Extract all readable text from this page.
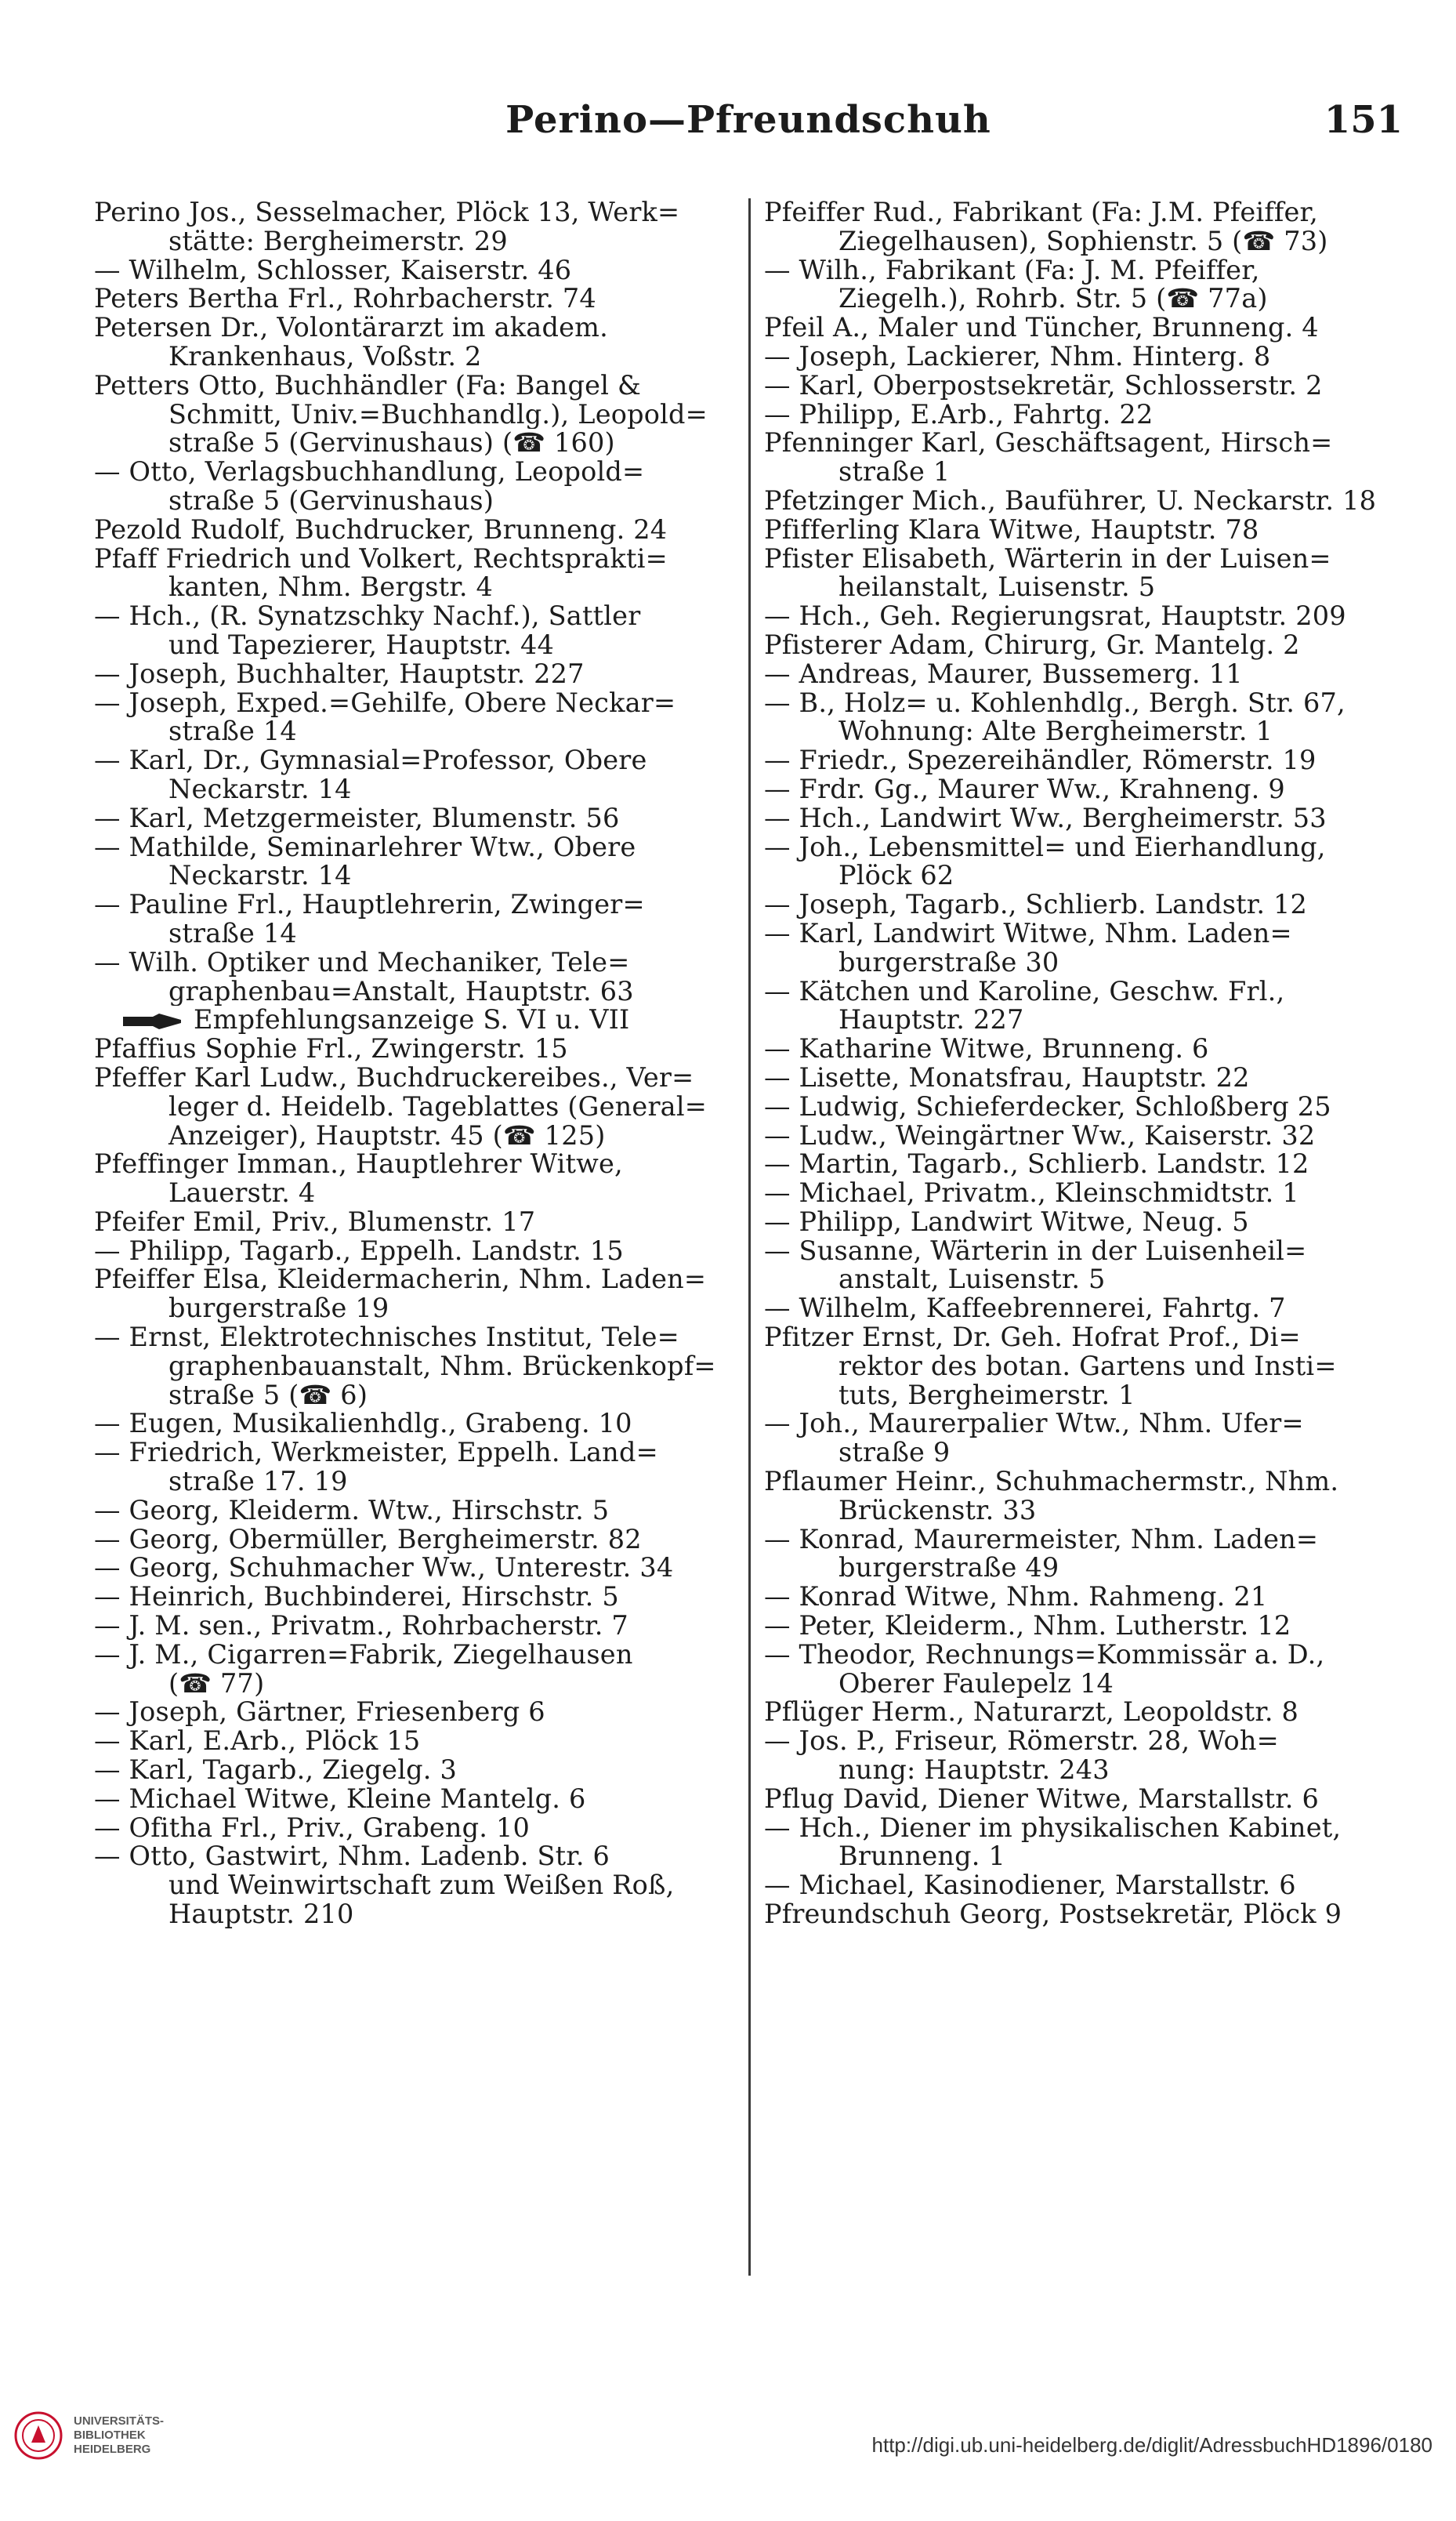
Perino—Pfreundschuh	151
Perino Jos., Sesselmacher, Plöck 13, Werk=
stätte: Bergheimerstr. 29
— Wilhelm, Schlosser, Kaiserstr. 46
Peters Bertha Frl., Rohrbacherstr. 74
Petersen Dr., Volontärarzt im akadem.
Krankenhaus, Voßstr. 2
Petters Otto, Buchhändler (Fa: Bangel &
Schmitt, Univ.=Buchhandlg.), Leopold=
straße 5 (Gervinushaus) (☎ 160)
— Otto, Verlagsbuchhandlung, Leopold=
straße 5 (Gervinushaus)
Pezold Rudolf, Buchdrucker, Brunneng. 24
Pfaff Friedrich und Volkert, Rechtsprakti=
kanten, Nhm. Bergstr. 4
— Hch., (R. Synatzschky Nachf.), Sattler
und Tapezierer, Hauptstr. 44
— Joseph, Buchhalter, Hauptstr. 227
— Joseph, Exped.=Gehilfe, Obere Neckar=
straße 14
— Karl, Dr., Gymnasial=Professor, Obere
Neckarstr. 14
— Karl, Metzgermeister, Blumenstr. 56
— Mathilde, Seminarlehrer Wtw., Obere
Neckarstr. 14
— Pauline Frl., Hauptlehrerin, Zwinger=
straße 14
— Wilh. Optiker und Mechaniker, Tele=
graphenbau=Anstalt, Hauptstr. 63
Empfehlungsanzeige S. VI u. VII
Pfaffius Sophie Frl., Zwingerstr. 15
Pfeffer Karl Ludw., Buchdruckereibes., Ver=
leger d. Heidelb. Tageblattes (General=
Anzeiger), Hauptstr. 45 (☎ 125)
Pfeffinger Imman., Hauptlehrer Witwe,
Lauerstr. 4
Pfeifer Emil, Priv., Blumenstr. 17
— Philipp, Tagarb., Eppelh. Landstr. 15
Pfeiffer Elsa, Kleidermacherin, Nhm. Laden=
burgerstraße 19
— Ernst, Elektrotechnisches Institut, Tele=
graphenbauanstalt, Nhm. Brückenkopf=
straße 5 (☎ 6)
— Eugen, Musikalienhdlg., Grabeng. 10
— Friedrich, Werkmeister, Eppelh. Land=
straße 17. 19
— Georg, Kleiderm. Wtw., Hirschstr. 5
— Georg, Obermüller, Bergheimerstr. 82
— Georg, Schuhmacher Ww., Unterestr. 34
— Heinrich, Buchbinderei, Hirschstr. 5
— J. M. sen., Privatm., Rohrbacherstr. 7
— J. M., Cigarren=Fabrik, Ziegelhausen
(☎ 77)
— Joseph, Gärtner, Friesenberg 6
— Karl, E.Arb., Plöck 15
— Karl, Tagarb., Ziegelg. 3
— Michael Witwe, Kleine Mantelg. 6
— Ofitha Frl., Priv., Grabeng. 10
— Otto, Gastwirt, Nhm. Ladenb. Str. 6
und Weinwirtschaft zum Weißen Roß,
Hauptstr. 210
Pfeiffer Rud., Fabrikant (Fa: J.M. Pfeiffer,
Ziegelhausen), Sophienstr. 5 (☎ 73)
— Wilh., Fabrikant (Fa: J. M. Pfeiffer,
Ziegelh.), Rohrb. Str. 5 (☎ 77a)
Pfeil A., Maler und Tüncher, Brunneng. 4
— Joseph, Lackierer, Nhm. Hinterg. 8
— Karl, Oberpostsekretär, Schlosserstr. 2
— Philipp, E.Arb., Fahrtg. 22
Pfenninger Karl, Geschäftsagent, Hirsch=
straße 1
Pfetzinger Mich., Bauführer, U. Neckarstr. 18
Pfifferling Klara Witwe, Hauptstr. 78
Pfister Elisabeth, Wärterin in der Luisen=
heilanstalt, Luisenstr. 5
— Hch., Geh. Regierungsrat, Hauptstr. 209
Pfisterer Adam, Chirurg, Gr. Mantelg. 2
— Andreas, Maurer, Bussemerg. 11
— B., Holz= u. Kohlenhdlg., Bergh. Str. 67,
Wohnung: Alte Bergheimerstr. 1
— Friedr., Spezereihändler, Römerstr. 19
— Frdr. Gg., Maurer Ww., Krahneng. 9
— Hch., Landwirt Ww., Bergheimerstr. 53
— Joh., Lebensmittel= und Eierhandlung,
Plöck 62
— Joseph, Tagarb., Schlierb. Landstr. 12
— Karl, Landwirt Witwe, Nhm. Laden=
burgerstraße 30
— Kätchen und Karoline, Geschw. Frl.,
Hauptstr. 227
— Katharine Witwe, Brunneng. 6
— Lisette, Monatsfrau, Hauptstr. 22
— Ludwig, Schieferdecker, Schloßberg 25
— Ludw., Weingärtner Ww., Kaiserstr. 32
— Martin, Tagarb., Schlierb. Landstr. 12
— Michael, Privatm., Kleinschmidtstr. 1
— Philipp, Landwirt Witwe, Neug. 5
— Susanne, Wärterin in der Luisenheil=
anstalt, Luisenstr. 5
— Wilhelm, Kaffeebrennerei, Fahrtg. 7
Pfitzer Ernst, Dr. Geh. Hofrat Prof., Di=
rektor des botan. Gartens und Insti=
tuts, Bergheimerstr. 1
— Joh., Maurerpalier Wtw., Nhm. Ufer=
straße 9
Pflaumer Heinr., Schuhmachermstr., Nhm.
Brückenstr. 33
— Konrad, Maurermeister, Nhm. Laden=
burgerstraße 49
— Konrad Witwe, Nhm. Rahmeng. 21
— Peter, Kleiderm., Nhm. Lutherstr. 12
— Theodor, Rechnungs=Kommissär a. D.,
Oberer Faulepelz 14
Pflüger Herm., Naturarzt, Leopoldstr. 8
— Jos. P., Friseur, Römerstr. 28, Woh=
nung: Hauptstr. 243
Pflug David, Diener Witwe, Marstallstr. 6
— Hch., Diener im physikalischen Kabinet,
Brunneng. 1
— Michael, Kasinodiener, Marstallstr. 6
Pfreundschuh Georg, Postsekretär, Plöck 9
UNIVERSITÄTS-
BIBLIOTHEK
HEIDELBERG	http://digi.ub.uni-heidelberg.de/diglit/AdressbuchHD1896/0180
